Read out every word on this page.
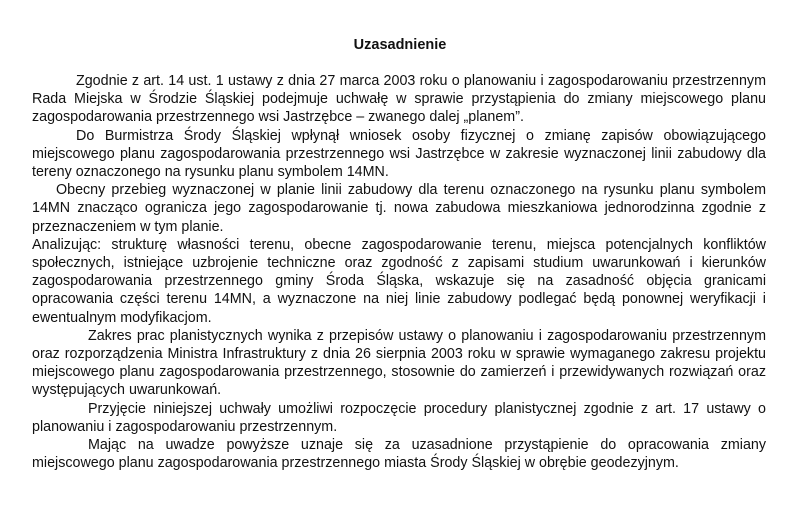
Uzasadnienie

Zgodnie z art. 14 ust. 1 ustawy z dnia 27 marca 2003 roku o planowaniu i zagospodarowaniu przestrzennym Rada Miejska w Środzie Śląskiej podejmuje uchwałę w sprawie przystąpienia do zmiany miejscowego planu zagospodarowania przestrzennego wsi Jastrzębce – zwanego dalej „planem”.

Do Burmistrza Środy Śląskiej wpłynął wniosek osoby fizycznej o zmianę zapisów obowiązującego miejscowego planu zagospodarowania przestrzennego wsi Jastrzębce w zakresie wyznaczonej linii zabudowy dla tereny oznaczonego na rysunku planu symbolem 14MN.

Obecny przebieg wyznaczonej w planie linii zabudowy dla terenu oznaczonego na rysunku planu symbolem 14MN znacząco ogranicza jego zagospodarowanie tj. nowa zabudowa mieszkaniowa jednorodzinna zgodnie z przeznaczeniem w tym planie.

Analizując: strukturę własności terenu, obecne zagospodarowanie terenu, miejsca potencjalnych konfliktów społecznych, istniejące uzbrojenie techniczne oraz zgodność z zapisami studium uwarunkowań i kierunków zagospodarowania przestrzennego gminy Środa Śląska, wskazuje się na zasadność objęcia granicami opracowania części terenu 14MN, a wyznaczone na niej linie zabudowy podlegać będą ponownej weryfikacji i ewentualnym modyfikacjom.

Zakres prac planistycznych wynika z przepisów ustawy o planowaniu i zagospodarowaniu przestrzennym oraz rozporządzenia Ministra Infrastruktury z dnia 26 sierpnia 2003 roku w sprawie wymaganego zakresu projektu miejscowego planu zagospodarowania przestrzennego, stosownie do zamierzeń i przewidywanych rozwiązań oraz występujących uwarunkowań.

Przyjęcie niniejszej uchwały umożliwi rozpoczęcie procedury planistycznej zgodnie z art. 17 ustawy o planowaniu i zagospodarowaniu przestrzennym.

Mając na uwadze powyższe uznaje się za uzasadnione przystąpienie do opracowania zmiany miejscowego planu zagospodarowania przestrzennego miasta Środy Śląskiej w obrębie geodezyjnym.
